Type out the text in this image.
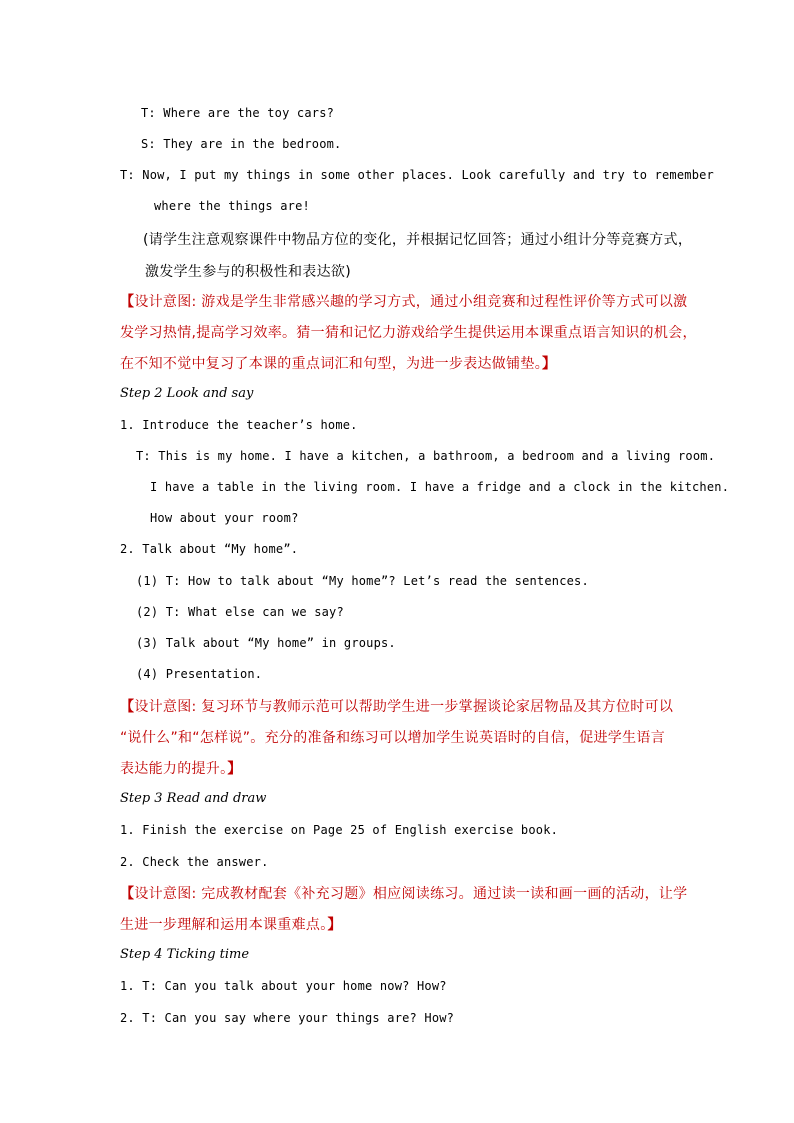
T: Where are the toy cars?
S: They are in the bedroom.
T: Now, I put my things in some other places. Look carefully and try to remember
where the things are!
(请学生注意观察课件中物品方位的变化，并根据记忆回答；通过小组计分等竞赛方式，
激发学生参与的积极性和表达欲)
【设计意图: 游戏是学生非常感兴趣的学习方式，通过小组竞赛和过程性评价等方式可以激
发学习热情,提高学习效率。猜一猜和记忆力游戏给学生提供运用本课重点语言知识的机会，
在不知不觉中复习了本课的重点词汇和句型，为进一步表达做铺垫。】
Step 2 Look and say
1. Introduce the teacher’s home.
T: This is my home. I have a kitchen, a bathroom, a bedroom and a living room.
I have a table in the living room. I have a fridge and a clock in the kitchen.
How about your room?
2. Talk about “My home”.
(1) T: How to talk about “My home”? Let’s read the sentences.
(2) T: What else can we say?
(3) Talk about “My home” in groups.
(4) Presentation.
【设计意图: 复习环节与教师示范可以帮助学生进一步掌握谈论家居物品及其方位时可以
“说什么”和“怎样说”。充分的准备和练习可以增加学生说英语时的自信，促进学生语言
表达能力的提升。】
Step 3 Read and draw
1. Finish the exercise on Page 25 of English exercise book.
2. Check the answer.
【设计意图: 完成教材配套《补充习题》相应阅读练习。通过读一读和画一画的活动，让学
生进一步理解和运用本课重难点。】
Step 4 Ticking time
1. T: Can you talk about your home now? How?
2. T: Can you say where your things are? How?
